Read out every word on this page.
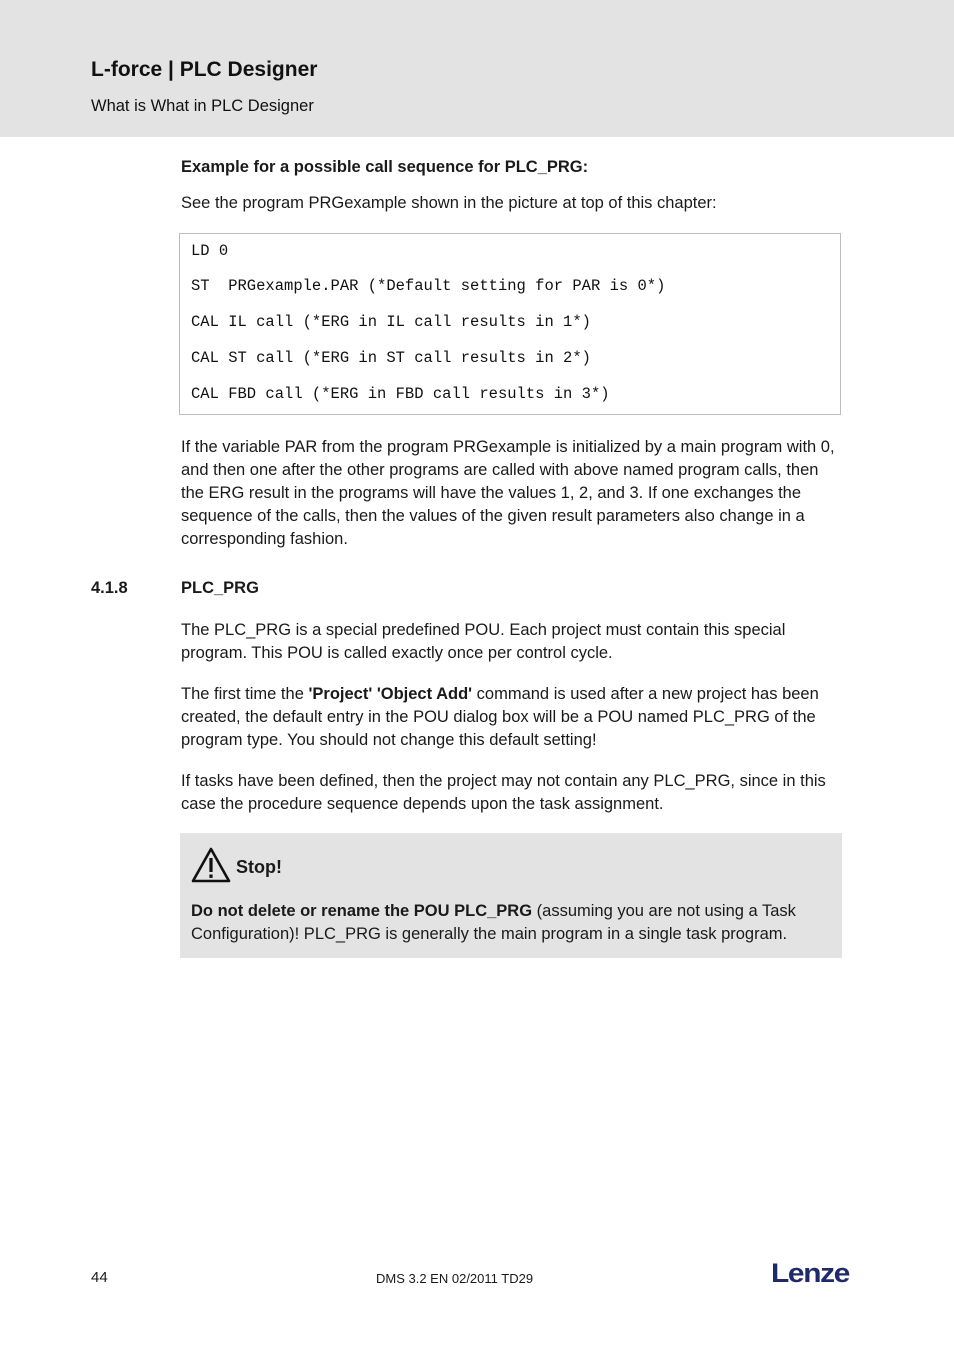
L-force | PLC Designer
What is What in PLC Designer
Example for a possible call sequence for PLC_PRG:
See the program PRGexample shown in the picture at top of this chapter:
LD 0
ST  PRGexample.PAR (*Default setting for PAR is 0*)
CAL IL call (*ERG in IL call results in 1*)
CAL ST call (*ERG in ST call results in 2*)
CAL FBD call (*ERG in FBD call results in 3*)
If the variable PAR from the program PRGexample is initialized by a main program with 0, and then one after the other programs are called with above named program calls, then the ERG result in the programs will have the values 1, 2, and 3. If one exchanges the sequence of the calls, then the values of the given result parameters also change in a corresponding fashion.
4.1.8	PLC_PRG
The PLC_PRG is a special predefined POU. Each project must contain this special program. This POU is called exactly once per control cycle.
The first time the 'Project' 'Object Add' command is used after a new project has been created, the default entry in the POU dialog box will be a POU named PLC_PRG of the program type. You should not change this default setting!
If tasks have been defined, then the project may not contain any PLC_PRG, since in this case the procedure sequence depends upon the task assignment.
Stop!
Do not delete or rename the POU PLC_PRG (assuming you are not using a Task Configuration)! PLC_PRG is generally the main program in a single task program.
44	DMS 3.2 EN 02/2011 TD29	Lenze
